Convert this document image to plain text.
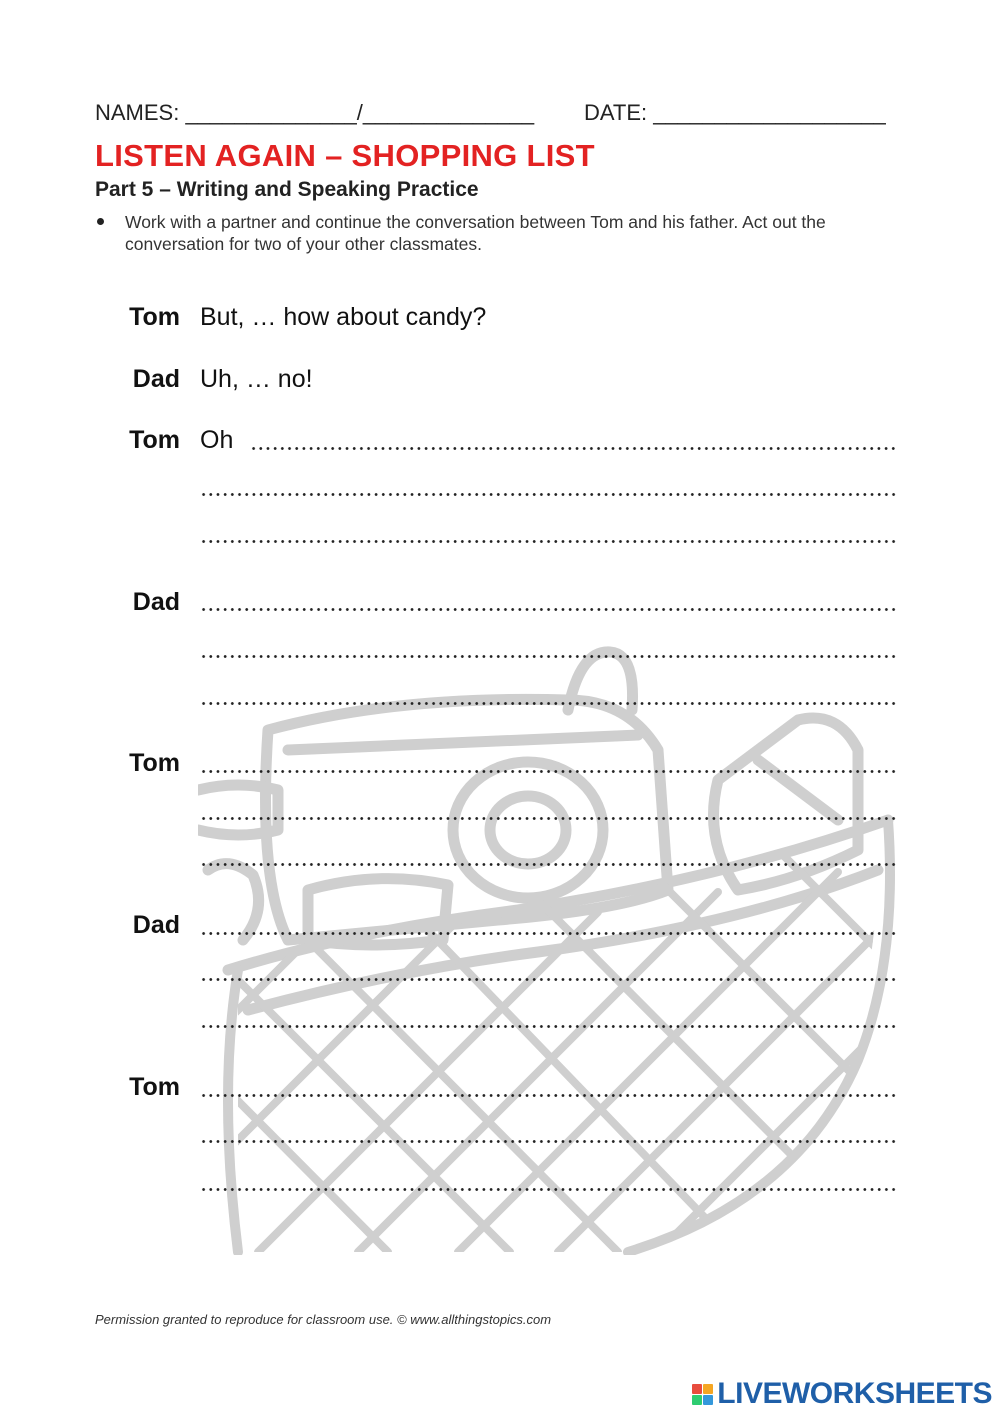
NAMES: ______________/______________ DATE: ___________________
LISTEN AGAIN – SHOPPING LIST
Part 5 – Writing and Speaking Practice
Work with a partner and continue the conversation between Tom and his father. Act out the conversation for two of your other classmates.
Tom But, … how about candy?
Dad Uh, … no!
Tom Oh
Dad
Tom
Dad
Tom
Permission granted to reproduce for classroom use. © www.allthingstopics.com
LIVEWORKSHEETS
